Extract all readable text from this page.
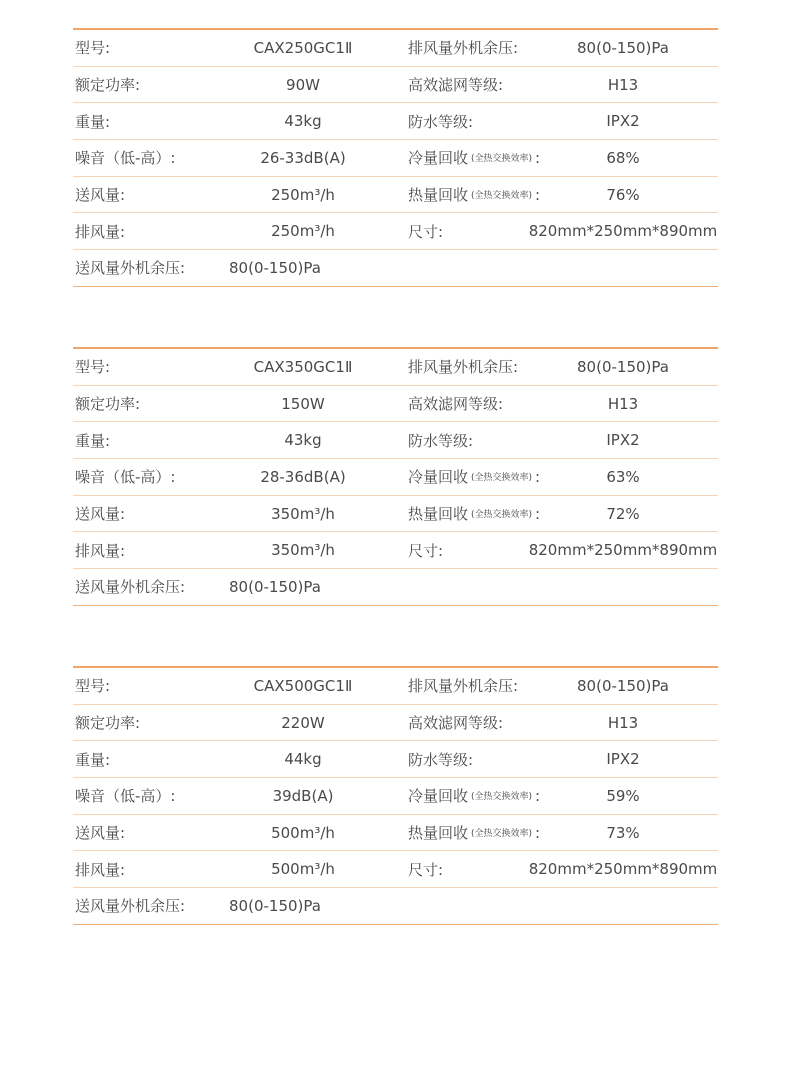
型号:	CAX250GC1Ⅱ	排风量外机余压:	80(0-150)Pa
额定功率:	90W	高效滤网等级:	H13
重量:	43kg	防水等级:	IPX2
噪音（低-高）:	26-33dB(A)	冷量回收 (全热交换效率) :	68%
送风量:	250m³/h	热量回收 (全热交换效率) :	76%
排风量:	250m³/h	尺寸:	820mm*250mm*890mm
送风量外机余压:	80(0-150)Pa
型号:	CAX350GC1Ⅱ	排风量外机余压:	80(0-150)Pa
额定功率:	150W	高效滤网等级:	H13
重量:	43kg	防水等级:	IPX2
噪音（低-高）:	28-36dB(A)	冷量回收 (全热交换效率) :	63%
送风量:	350m³/h	热量回收 (全热交换效率) :	72%
排风量:	350m³/h	尺寸:	820mm*250mm*890mm
送风量外机余压:	80(0-150)Pa
型号:	CAX500GC1Ⅱ	排风量外机余压:	80(0-150)Pa
额定功率:	220W	高效滤网等级:	H13
重量:	44kg	防水等级:	IPX2
噪音（低-高）:	39dB(A)	冷量回收 (全热交换效率) :	59%
送风量:	500m³/h	热量回收 (全热交换效率) :	73%
排风量:	500m³/h	尺寸:	820mm*250mm*890mm
送风量外机余压:	80(0-150)Pa
